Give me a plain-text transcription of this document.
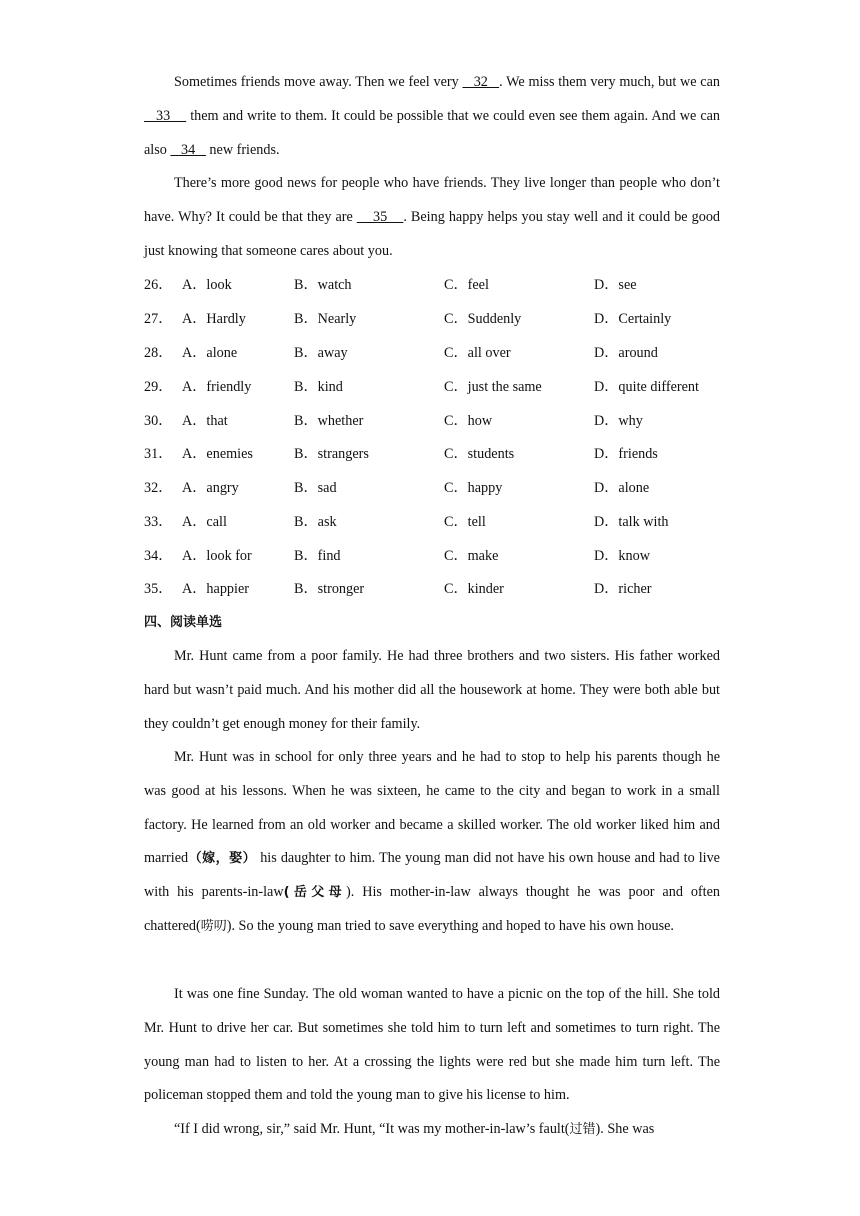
Sometimes friends move away. Then we feel very    32   . We miss them very much, but we can    33     them and write to them. It could be possible that we could even see them again. And we can also    34    new friends.

There’s more good news for people who have friends. They live longer than people who don’t have. Why? It could be that they are     35    . Being happy helps you stay well and it could be good just knowing that someone cares about you.

26． A．look	B．watch	C．feel	D．see
27． A．Hardly	B．Nearly	C．Suddenly	D．Certainly
28． A．alone	B．away	C．all over	D．around
29． A．friendly	B．kind	C．just the same	D．quite different
30． A．that	B．whether	C．how	D．why
31． A．enemies	B．strangers	C．students	D．friends
32． A．angry	B．sad	C．happy	D．alone
33． A．call	B．ask	C．tell	D．talk with
34． A．look for	B．find	C．make	D．know
35． A．happier	B．stronger	C．kinder	D．richer
四、阅读单选

Mr. Hunt came from a poor family. He had three brothers and two sisters. His father worked hard but wasn’t paid much. And his mother did all the housework at home. They were both able but they couldn’t get enough money for their family.

Mr. Hunt was in school for only three years and he had to stop to help his parents though he was good at his lessons. When he was sixteen, he came to the city and began to work in a small factory. He learned from an old worker and became a skilled worker. The old worker liked him and married（嫁，娶） his daughter to him. The young man did not have his own house and had to live with his parents-in-law(岳父母). His mother-in-law always thought he was poor and often chattered(唠叨). So the young man tried to save everything and hoped to have his own house.

It was one fine Sunday. The old woman wanted to have a picnic on the top of the hill. She told Mr. Hunt to drive her car. But sometimes she told him to turn left and sometimes to turn right. The young man had to listen to her. At a crossing the lights were red but she made him turn left. The policeman stopped them and told the young man to give his license to him.

“If I did wrong, sir,” said Mr. Hunt, “It was my mother-in-law’s fault(过错). She was
